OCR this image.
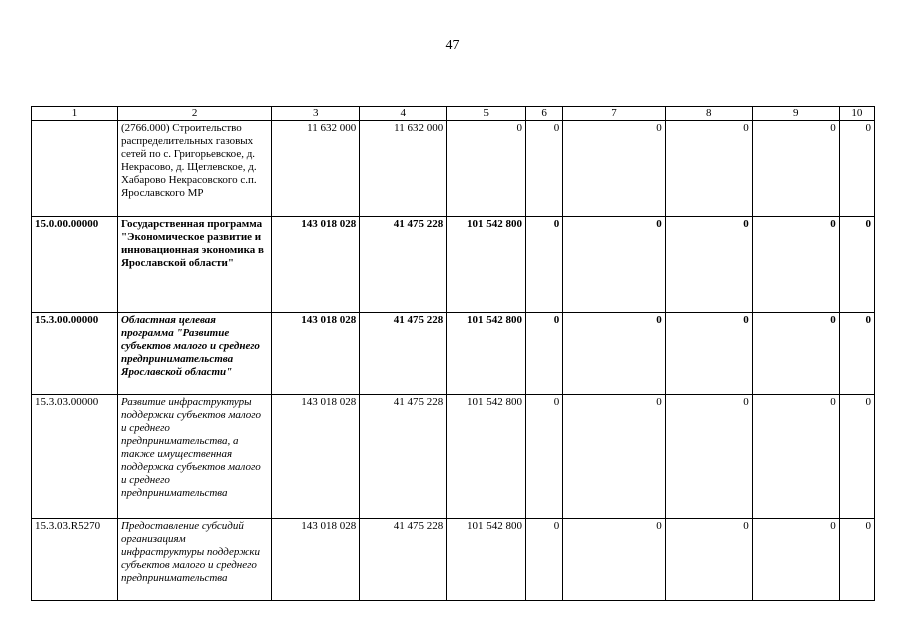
47
1	2	3	4	5	6	7	8	9	10
	(2766.000) Строительство распределительных газовых сетей по с. Григорьевское, д. Некрасово, д. Щеглевское, д. Хабарово Некрасовского с.п. Ярославского МР	11 632 000	11 632 000	0	0	0	0	0	0
15.0.00.00000	Государственная программа "Экономическое развитие и инновационная экономика в Ярославской области"	143 018 028	41 475 228	101 542 800	0	0	0	0	0
15.3.00.00000	Областная целевая программа "Развитие субъектов малого и среднего предпринимательства Ярославской области"	143 018 028	41 475 228	101 542 800	0	0	0	0	0
15.3.03.00000	Развитие инфраструктуры поддержки субъектов малого и среднего предпринимательства, а также имущественная поддержка субъектов малого и среднего предпринимательства	143 018 028	41 475 228	101 542 800	0	0	0	0	0
15.3.03.R5270	Предоставление субсидий организациям инфраструктуры поддержки субъектов малого и среднего предпринимательства	143 018 028	41 475 228	101 542 800	0	0	0	0	0
